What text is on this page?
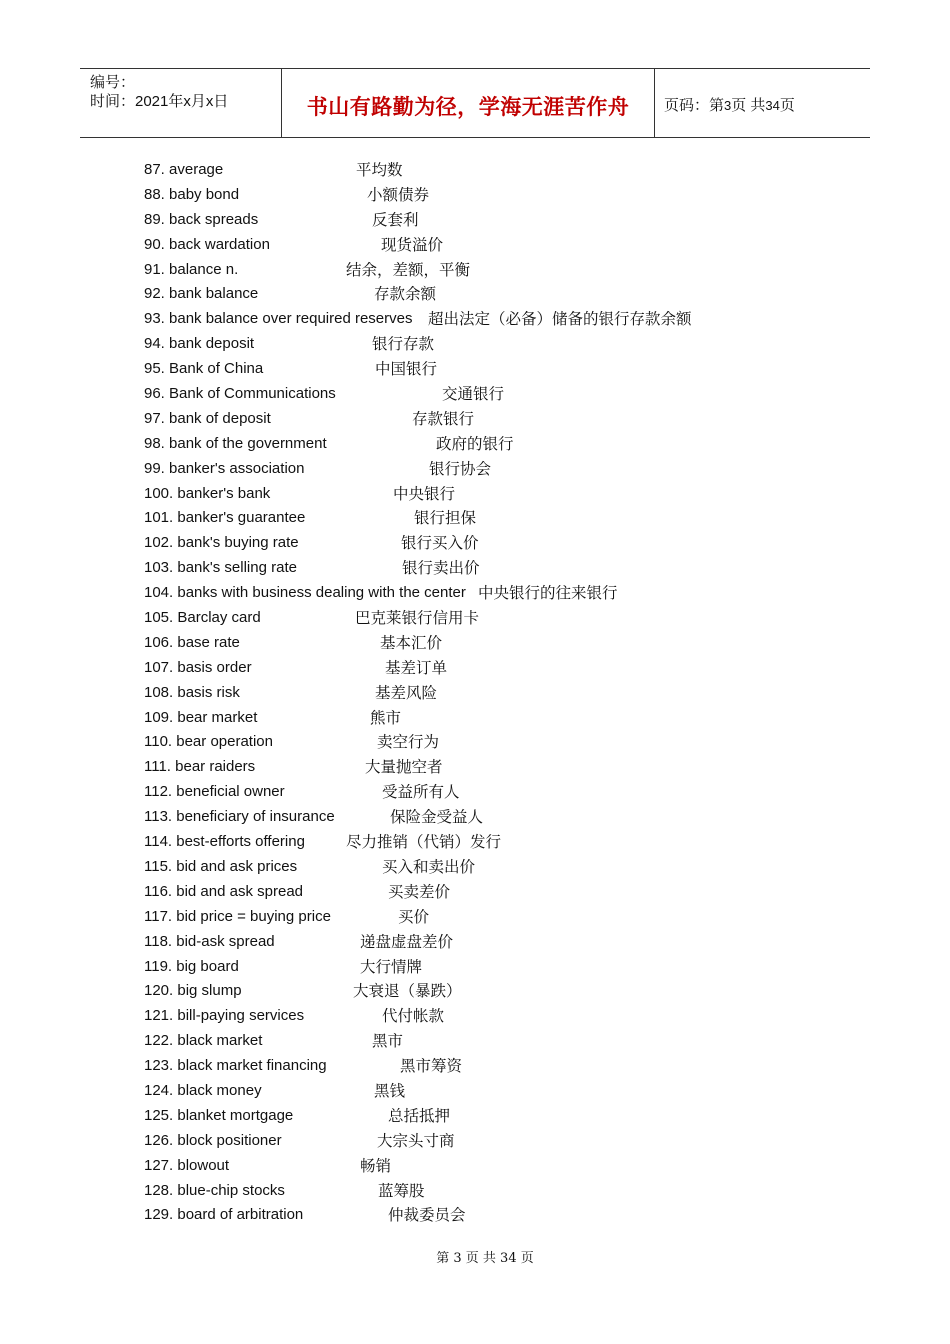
编号：
时间：2021年x月x日	书山有路勤为径，学海无涯苦作舟	页码：第3页 共34页
87. average	平均数
88. baby bond	小额债券
89. back spreads	反套利
90. back wardation	现货溢价
91. balance n.	结余，差额，平衡
92. bank balance	存款余额
93. bank balance over required reserves 超出法定（必备）储备的银行存款余额
94. bank deposit	银行存款
95. Bank of China	中国银行
96. Bank of Communications	交通银行
97. bank of deposit	存款银行
98. bank of the government	政府的银行
99. banker's association	银行协会
100. banker's bank	中央银行
101. banker's guarantee	银行担保
102. bank's buying rate	银行买入价
103. bank's selling rate	银行卖出价
104. banks with business dealing with the center 中央银行的往来银行
105. Barclay card	巴克莱银行信用卡
106. base rate	基本汇价
107. basis order	基差订单
108. basis risk	基差风险
109. bear market	熊市
110. bear operation	卖空行为
111. bear raiders	大量抛空者
112. beneficial owner	受益所有人
113. beneficiary of insurance	保险金受益人
114. best-efforts offering	尽力推销（代销）发行
115. bid and ask prices	买入和卖出价
116. bid and ask spread	买卖差价
117. bid price = buying price	买价
118. bid-ask spread	递盘虚盘差价
119. big board	大行情牌
120. big slump	大衰退（暴跌）
121. bill-paying services	代付帐款
122. black market	黑市
123. black market financing	黑市筹资
124. black money	黑钱
125. blanket mortgage	总括抵押
126. block positioner	大宗头寸商
127. blowout	畅销
128. blue-chip stocks	蓝筹股
129. board of arbitration	仲裁委员会
第 3 页 共 34 页
